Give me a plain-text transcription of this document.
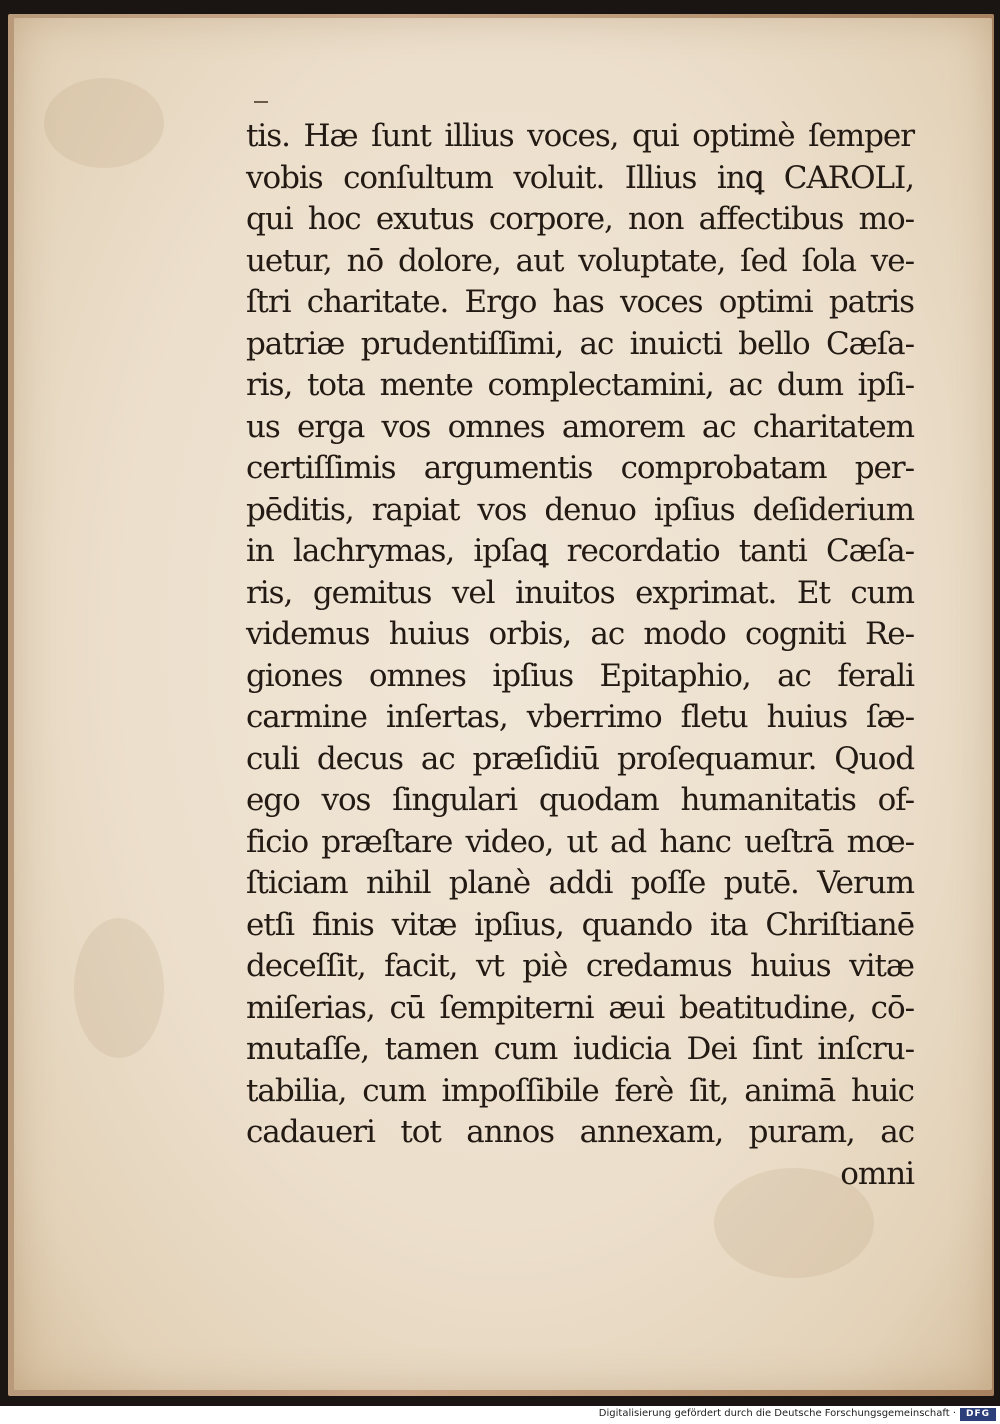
tis. Hæ ſunt illius voces, qui optimè ſemper
vobis conſultum voluit. Illius inꝗ CAROLI,
qui hoc exutus corpore, non affectibus mo-
uetur, nō dolore, aut voluptate, ſed ſola ve-
ſtri charitate. Ergo has voces optimi patris
patriæ prudentiſſimi, ac inuicti bello Cæſa-
ris, tota mente complectamini, ac dum ipſi-
us erga vos omnes amorem ac charitatem
certiſſimis argumentis comprobatam per-
pēditis, rapiat vos denuo ipſius deſiderium
in lachrymas, ipſaꝗ recordatio tanti Cæſa-
ris, gemitus vel inuitos exprimat. Et cum
videmus huius orbis, ac modo cogniti Re-
giones omnes ipſius Epitaphio, ac ferali
carmine inſertas, vberrimo fletu huius ſæ-
culi decus ac præſidiū proſequamur. Quod
ego vos ſingulari quodam humanitatis of-
ficio præſtare video, ut ad hanc ueſtrā mœ-
ſticiam nihil planè addi poſſe putē. Verum
etſi finis vitæ ipſius, quando ita Chriſtianē
deceſſit, facit, vt piè credamus huius vitæ
miſerias, cū ſempiterni æui beatitudine, cō-
mutaſſe, tamen cum iudicia Dei ſint inſcru-
tabilia, cum impoſſibile ferè ſit, animā huic
cadaueri tot annos annexam, puram, ac
omni
Digitalisierung gefördert durch die Deutsche Forschungsgemeinschaft ·	DFG
